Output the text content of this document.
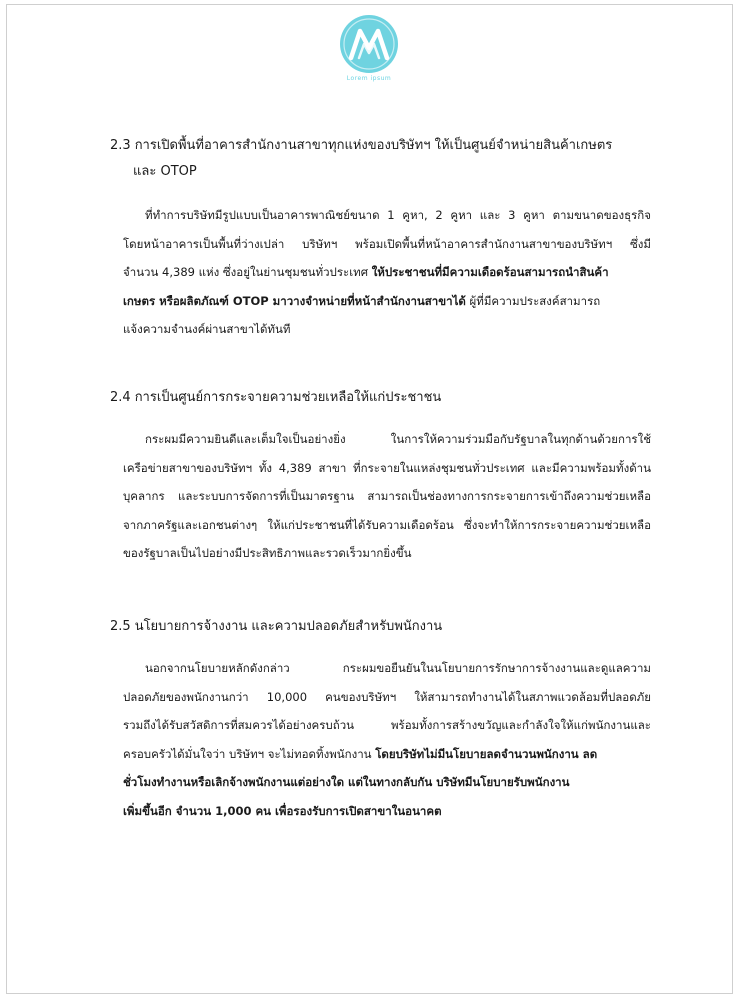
Lorem ipsum
2.3 การเปิดพื้นที่อาคารสำนักงานสาขาทุกแห่งของบริษัทฯ ให้เป็นศูนย์จำหน่ายสินค้าเกษตร
และ OTOP
ที่ทำการบริษัทมีรูปแบบเป็นอาคารพาณิชย์ขนาด 1 คูหา, 2 คูหา และ 3 คูหา ตามขนาดของธุรกิจ
โดยหน้าอาคารเป็นพื้นที่ว่างเปล่า บริษัทฯ พร้อมเปิดพื้นที่หน้าอาคารสำนักงานสาขาของบริษัทฯ ซึ่งมี
จำนวน 4,389 แห่ง ซึ่งอยู่ในย่านชุมชนทั่วประเทศ ให้ประชาชนที่มีความเดือดร้อนสามารถนำสินค้า
เกษตร หรือผลิตภัณฑ์ OTOP มาวางจำหน่ายที่หน้าสำนักงานสาขาได้ ผู้ที่มีความประสงค์สามารถ
แจ้งความจำนงค์ผ่านสาขาได้ทันที
2.4 การเป็นศูนย์การกระจายความช่วยเหลือให้แก่ประชาชน
กระผมมีความยินดีและเต็มใจเป็นอย่างยิ่ง ในการให้ความร่วมมือกับรัฐบาลในทุกด้านด้วยการใช้
เครือข่ายสาขาของบริษัทฯ ทั้ง 4,389 สาขา ที่กระจายในแหล่งชุมชนทั่วประเทศ และมีความพร้อมทั้งด้าน
บุคลากร และระบบการจัดการที่เป็นมาตรฐาน สามารถเป็นช่องทางการกระจายการเข้าถึงความช่วยเหลือ
จากภาครัฐและเอกชนต่างๆ ให้แก่ประชาชนที่ได้รับความเดือดร้อน ซึ่งจะทำให้การกระจายความช่วยเหลือ
ของรัฐบาลเป็นไปอย่างมีประสิทธิภาพและรวดเร็วมากยิ่งขึ้น
2.5 นโยบายการจ้างงาน และความปลอดภัยสำหรับพนักงาน
นอกจากนโยบายหลักดังกล่าว กระผมขอยืนยันในนโยบายการรักษาการจ้างงานและดูแลความ
ปลอดภัยของพนักงานกว่า 10,000 คนของบริษัทฯ ให้สามารถทำงานได้ในสภาพแวดล้อมที่ปลอดภัย
รวมถึงได้รับสวัสดิการที่สมควรได้อย่างครบถ้วน พร้อมทั้งการสร้างขวัญและกำลังใจให้แก่พนักงานและ
ครอบครัวได้มั่นใจว่า บริษัทฯ จะไม่ทอดทิ้งพนักงาน โดยบริษัทไม่มีนโยบายลดจำนวนพนักงาน ลด
ชั่วโมงทำงานหรือเลิกจ้างพนักงานแต่อย่างใด แต่ในทางกลับกัน บริษัทมีนโยบายรับพนักงาน
เพิ่มขึ้นอีก จำนวน 1,000 คน เพื่อรองรับการเปิดสาขาในอนาคต
